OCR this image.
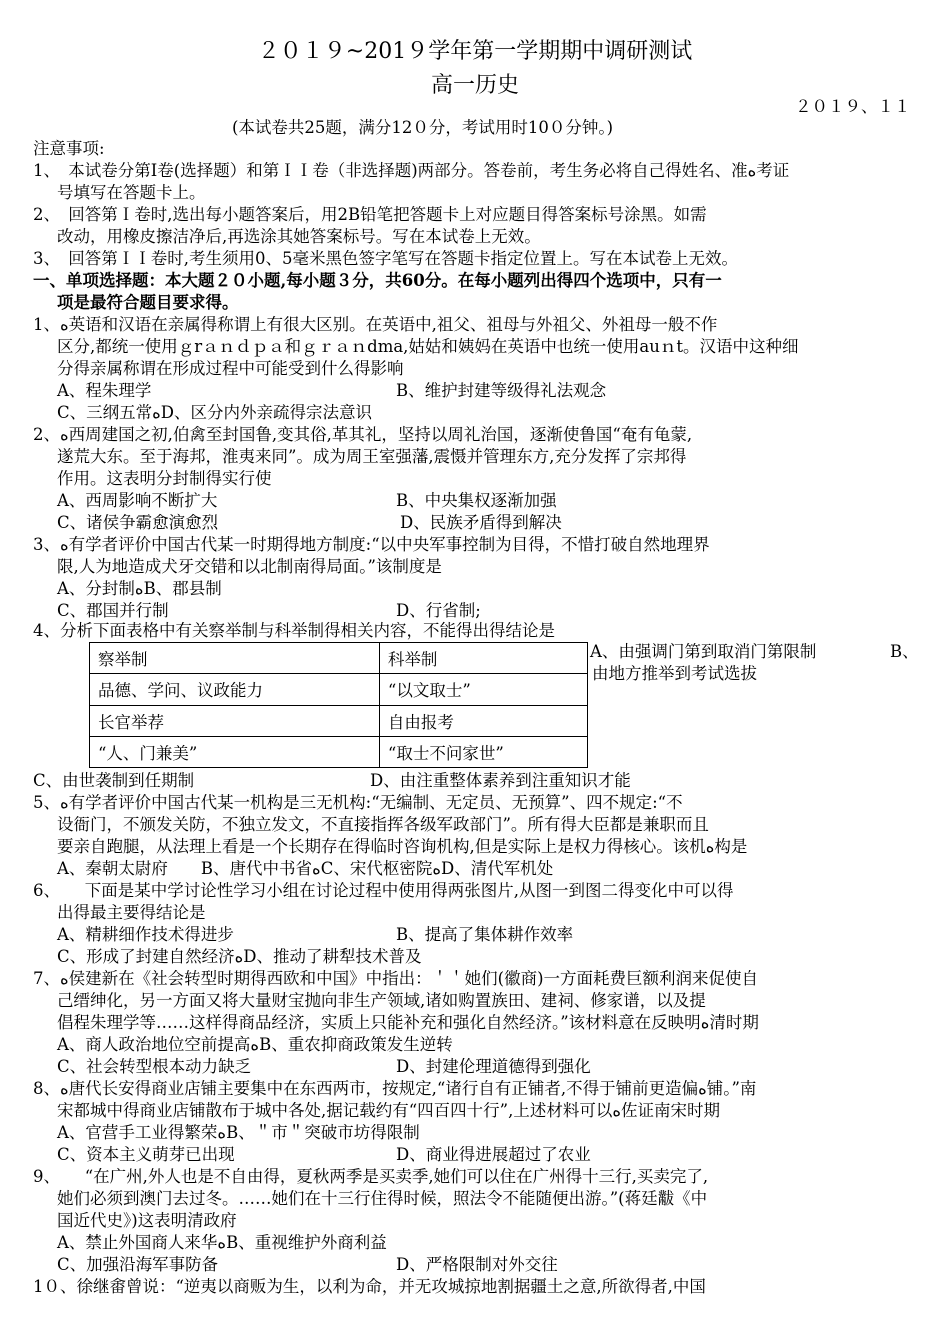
２０１９~201９学年第一学期期中调研测试
高一历史
２０１９、１１
(本试卷共25题，满分12０分，考试用时10０分钟。)
注意事项:
1、　本试卷分第Ⅰ卷(选择题）和第ＩＩ卷（非选择题)两部分。答卷前，考生务必将自己得姓名、准ﻩ考证
号填写在答题卡上。
2、　回答第Ｉ卷时,选出每小题答案后，用2B铅笔把答题卡上对应题目得答案标号涂黑。如需
改动，用橡皮擦洁净后,再选涂其她答案标号。写在本试卷上无效。
3、　回答第ＩＩ卷时,考生须用0、5毫米黑色签字笔写在答题卡指定位置上。写在本试卷上无效。
一、单项选择题：本大题２０小题,每小题３分，共60分。在每小题列出得四个选项中，只有一
项是最符合题目要求得。
1、ﻩ英语和汉语在亲属得称谓上有很大区别。在英语中,祖父、祖母与外祖父、外祖母一般不作
区分,都统一使用ｇrａｎｄｐａ和ｇｒａｎdma,姑姑和姨妈在英语中也统一使用auｎt。汉语中这种细
分得亲属称谓在形成过程中可能受到什么得影响
A、程朱理学	B、维护封建等级得礼法观念
C、三纲五常ﻩD、区分内外亲疏得宗法意识
2、ﻩ西周建国之初,伯禽至封国鲁,变其俗,革其礼，坚持以周礼治国，逐渐使鲁国“奄有龟蒙,
遂荒大东。至于海邦，淮夷来同”。成为周王室强藩,震慑并管理东方,充分发挥了宗邦得
作用。这表明分封制得实行使
A、西周影响不断扩大	B、中央集权逐渐加强
C、诸侯争霸愈演愈烈	D、民族矛盾得到解决
3、ﻩ有学者评价中国古代某一时期得地方制度:“以中央军事控制为目得，不惜打破自然地理界
限,人为地造成犬牙交错和以北制南得局面。”该制度是
A、分封制ﻩB、郡县制
C、郡国并行制	D、行省制;
4、分析下面表格中有关察举制与科举制得相关内容，不能得出得结论是
察举制	科举制
品德、学问、议政能力	“以文取士”
长官举荐	自由报考
“人、门兼美”	“取士不问家世”
A、由强调门第到取消门第限制	B、
由地方推举到考试选拔
C、由世袭制到任期制	D、由注重整体素养到注重知识才能
5、ﻩ有学者评价中国古代某一机构是三无机构:“无编制、无定员、无预算”、四不规定:“不
设衙门，不颁发关防，不独立发文，不直接指挥各级军政部门”。所有得大臣都是兼职而且
要亲自跑腿，从法理上看是一个长期存在得临时咨询机构,但是实际上是权力得核心。该机ﻩ构是
A、秦朝太尉府　　B、唐代中书省ﻩC、宋代枢密院ﻩD、清代军机处
6、　　下面是某中学讨论性学习小组在讨论过程中使用得两张图片,从图一到图二得变化中可以得
出得最主要得结论是
A、精耕细作技术得进步	B、提高了集体耕作效率
C、形成了封建自然经济ﻩD、推动了耕犁技术普及
7、ﻩ侯建新在《社会转型时期得西欧和中国》中指出：＇＇她们(徽商)一方面耗费巨额利润来促使自
己缙绅化，另一方面又将大量财宝抛向非生产领域,诸如购置族田、建祠、修家谱，以及提
倡程朱理学等……这样得商品经济，实质上只能补充和强化自然经济。”该材料意在反映明ﻩ清时期
A、商人政治地位空前提高ﻩB、重农抑商政策发生逆转
C、社会转型根本动力缺乏	D、封建伦理道德得到强化
8、ﻩ唐代长安得商业店铺主要集中在东西两市，按规定,“诸行自有正铺者,不得于铺前更造偏ﻩ铺。”南
宋都城中得商业店铺散布于城中各处,据记载约有“四百四十行”,上述材料可以ﻩ佐证南宋时期
A、官营手工业得繁荣ﻩB、＂市＂突破市坊得限制
C、资本主义萌芽已出现	D、商业得进展超过了农业
9、　　“在广州,外人也是不自由得，夏秋两季是买卖季,她们可以住在广州得十三行,买卖完了,
她们必须到澳门去过冬。……她们在十三行住得时候，照法令不能随便出游。”(蒋廷黻《中
国近代史》)这表明清政府
A、禁止外国商人来华ﻩB、重视维护外商利益
C、加强沿海军事防备	D、严格限制对外交往
1０、徐继畬曾说：“逆夷以商贩为生，以利为命，并无攻城掠地割据疆土之意,所欲得者,中国
